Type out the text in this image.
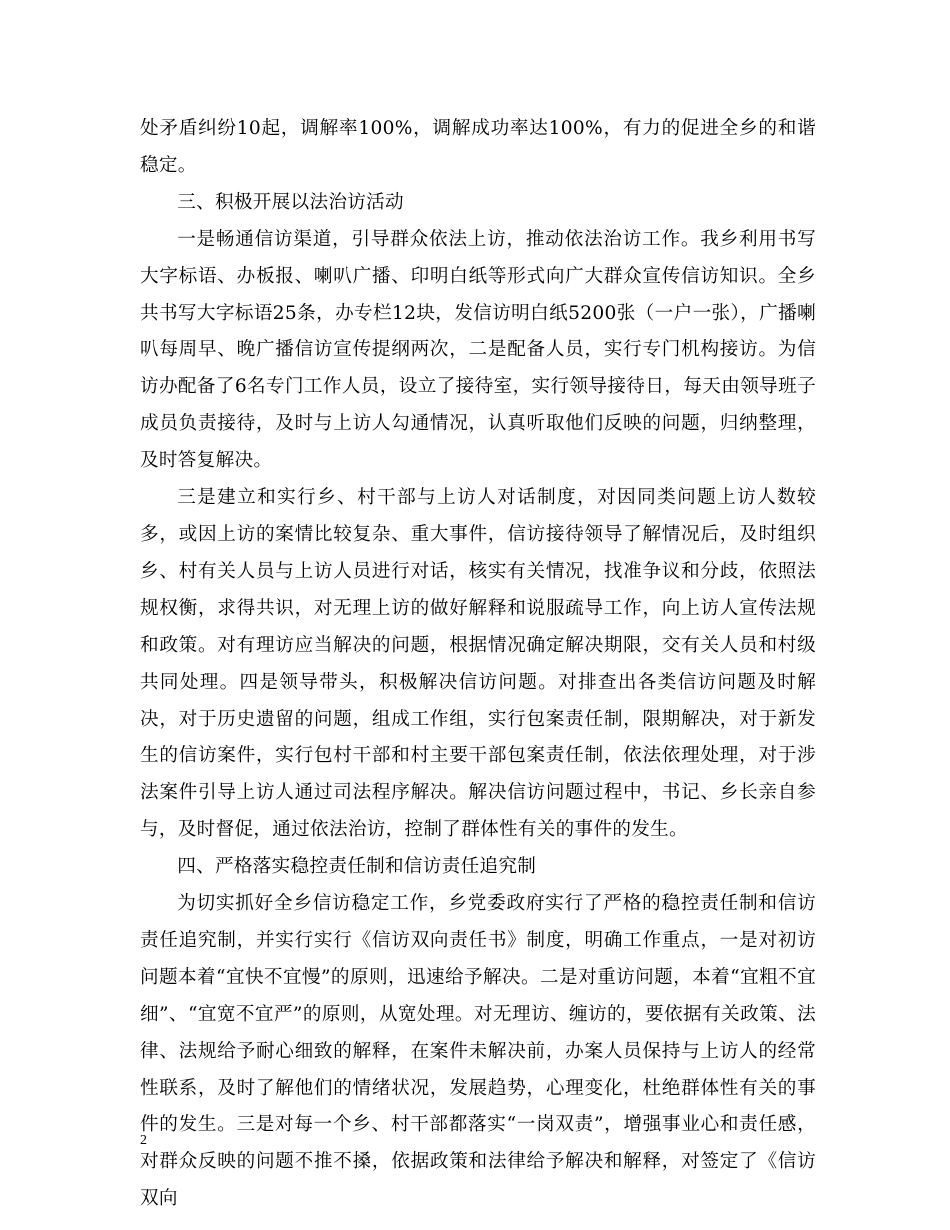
处矛盾纠纷10起，调解率100%，调解成功率达100%，有力的促进全乡的和谐稳定。

三、积极开展以法治访活动

一是畅通信访渠道，引导群众依法上访，推动依法治访工作。我乡利用书写大字标语、办板报、喇叭广播、印明白纸等形式向广大群众宣传信访知识。全乡共书写大字标语25条，办专栏12块，发信访明白纸5200张（一户一张），广播喇叭每周早、晚广播信访宣传提纲两次，二是配备人员，实行专门机构接访。为信访办配备了6名专门工作人员，设立了接待室，实行领导接待日，每天由领导班子成员负责接待，及时与上访人勾通情况，认真听取他们反映的问题，归纳整理，及时答复解决。

三是建立和实行乡、村干部与上访人对话制度，对因同类问题上访人数较多，或因上访的案情比较复杂、重大事件，信访接待领导了解情况后，及时组织乡、村有关人员与上访人员进行对话，核实有关情况，找准争议和分歧，依照法规权衡，求得共识，对无理上访的做好解释和说服疏导工作，向上访人宣传法规和政策。对有理访应当解决的问题，根据情况确定解决期限，交有关人员和村级共同处理。四是领导带头，积极解决信访问题。对排查出各类信访问题及时解决，对于历史遗留的问题，组成工作组，实行包案责任制，限期解决，对于新发生的信访案件，实行包村干部和村主要干部包案责任制，依法依理处理，对于涉法案件引导上访人通过司法程序解决。解决信访问题过程中，书记、乡长亲自参与，及时督促，通过依法治访，控制了群体性有关的事件的发生。

四、严格落实稳控责任制和信访责任追究制

为切实抓好全乡信访稳定工作，乡党委政府实行了严格的稳控责任制和信访责任追究制，并实行实行《信访双向责任书》制度，明确工作重点，一是对初访问题本着“宜快不宜慢”的原则，迅速给予解决。二是对重访问题，本着“宜粗不宜细”、“宜宽不宜严”的原则，从宽处理。对无理访、缠访的，要依据有关政策、法律、法规给予耐心细致的解释，在案件未解决前，办案人员保持与上访人的经常性联系，及时了解他们的情绪状况，发展趋势，心理变化，杜绝群体性有关的事件的发生。三是对每一个乡、村干部都落实“一岗双责”，增强事业心和责任感，对群众反映的问题不推不搡，依据政策和法律给予解决和解释，对签定了《信访双向

2
